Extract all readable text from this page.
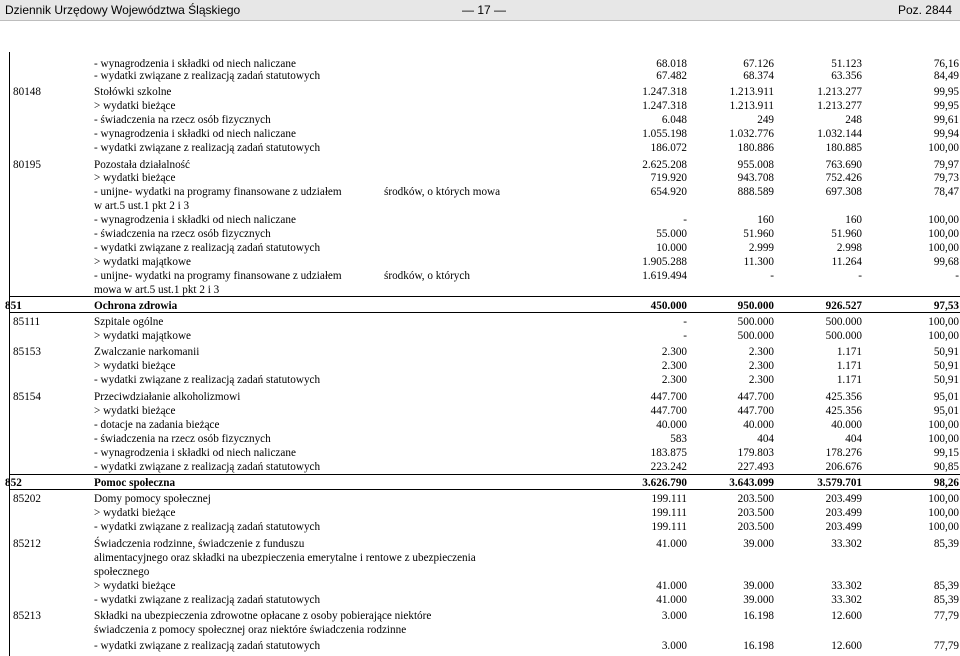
Dziennik Urzędowy Województwa Śląskiego	— 17 —	Poz. 2844
- wynagrodzenia i składki od niech naliczane	68.018	67.126	51.123	76,16
- wydatki związane z realizacją zadań statutowych	67.482	68.374	63.356	84,49
80148	Stołówki szkolne	1.247.318	1.213.911	1.213.277	99,95
> wydatki bieżące	1.247.318	1.213.911	1.213.277	99,95
- świadczenia na rzecz osób fizycznych	6.048	249	248	99,61
- wynagrodzenia i składki od niech naliczane	1.055.198	1.032.776	1.032.144	99,94
- wydatki związane z realizacją zadań statutowych	186.072	180.886	180.885	100,00
80195	Pozostała działalność	2.625.208	955.008	763.690	79,97
> wydatki bieżące	719.920	943.708	752.426	79,73
- unijne- wydatki na programy finansowane z udziałem	środków, o których mowa	654.920	888.589	697.308	78,47
w art.5 ust.1 pkt 2 i 3
- wynagrodzenia i składki od niech naliczane	-	160	160	100,00
- świadczenia na rzecz osób fizycznych	55.000	51.960	51.960	100,00
- wydatki związane z realizacją zadań statutowych	10.000	2.999	2.998	100,00
> wydatki majątkowe	1.905.288	11.300	11.264	99,68
- unijne- wydatki na programy finansowane z udziałem	środków, o których	1.619.494	-	-	-
mowa w art.5 ust.1 pkt 2 i 3
851	Ochrona zdrowia	450.000	950.000	926.527	97,53
85111	Szpitale ogólne	-	500.000	500.000	100,00
> wydatki majątkowe	-	500.000	500.000	100,00
85153	Zwalczanie narkomanii	2.300	2.300	1.171	50,91
> wydatki bieżące	2.300	2.300	1.171	50,91
- wydatki związane z realizacją zadań statutowych	2.300	2.300	1.171	50,91
85154	Przeciwdziałanie alkoholizmowi	447.700	447.700	425.356	95,01
> wydatki bieżące	447.700	447.700	425.356	95,01
- dotacje na zadania bieżące	40.000	40.000	40.000	100,00
- świadczenia na rzecz osób fizycznych	583	404	404	100,00
- wynagrodzenia i składki od niech naliczane	183.875	179.803	178.276	99,15
- wydatki związane z realizacją zadań statutowych	223.242	227.493	206.676	90,85
852	Pomoc społeczna	3.626.790	3.643.099	3.579.701	98,26
85202	Domy pomocy społecznej	199.111	203.500	203.499	100,00
> wydatki bieżące	199.111	203.500	203.499	100,00
- wydatki związane z realizacją zadań statutowych	199.111	203.500	203.499	100,00
85212	Świadczenia rodzinne, świadczenie z funduszu	41.000	39.000	33.302	85,39
alimentacyjnego oraz składki na ubezpieczenia emerytalne i rentowe z ubezpieczenia
społecznego
> wydatki bieżące	41.000	39.000	33.302	85,39
- wydatki związane z realizacją zadań statutowych	41.000	39.000	33.302	85,39
85213	Składki na ubezpieczenia zdrowotne opłacane z osoby pobierające niektóre	3.000	16.198	12.600	77,79
świadczenia z pomocy społecznej oraz niektóre świadczenia rodzinne
- wydatki związane z realizacją zadań statutowych	3.000	16.198	12.600	77,79
